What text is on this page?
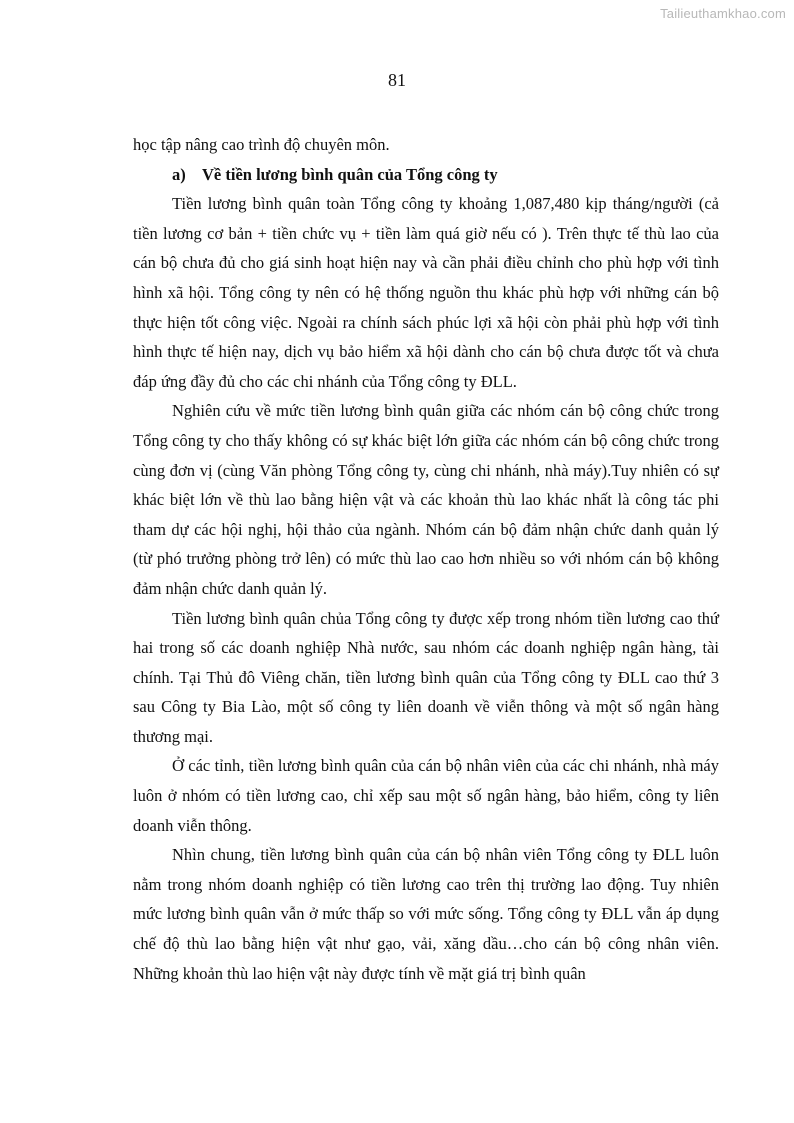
Tailieuthamkhao.com
81

học tập nâng cao trình độ chuyên môn.

a) Về tiền lương bình quân của Tổng công ty

Tiền lương bình quân toàn Tổng công ty khoảng 1,087,480 kịp tháng/người (cả tiền lương cơ bản + tiền chức vụ + tiền làm quá giờ nếu có ). Trên thực tế thù lao của cán bộ chưa đủ cho giá sinh hoạt hiện nay và cần phải điều chỉnh cho phù hợp với tình hình xã hội. Tổng công ty nên có hệ thống nguồn thu khác phù hợp với những cán bộ thực hiện tốt công việc. Ngoài ra chính sách phúc lợi xã hội còn phải phù hợp với tình hình thực tế hiện nay, dịch vụ bảo hiểm xã hội dành cho cán bộ chưa được tốt và chưa đáp ứng đầy đủ cho các chi nhánh của Tổng công ty ĐLL.

Nghiên cứu về mức tiền lương bình quân giữa các nhóm cán bộ công chức trong Tổng công ty cho thấy không có sự khác biệt lớn giữa các nhóm cán bộ công chức trong cùng đơn vị (cùng Văn phòng Tổng công ty, cùng chi nhánh, nhà máy).Tuy nhiên có sự khác biệt lớn về thù lao bằng hiện vật và các khoản thù lao khác nhất là công tác phi tham dự các hội nghị, hội thảo của ngành. Nhóm cán bộ đảm nhận chức danh quản lý (từ phó trưởng phòng trở lên) có mức thù lao cao hơn nhiều so với nhóm cán bộ không đảm nhận chức danh quản lý.

Tiền lương bình quân chủa Tổng công ty được xếp trong nhóm tiền lương cao thứ hai trong số các doanh nghiệp Nhà nước, sau nhóm các doanh nghiệp ngân hàng, tài chính. Tại Thủ đô Viêng chăn, tiền lương bình quân của Tổng công ty ĐLL cao thứ 3 sau Công ty Bia Lào, một số công ty liên doanh về viễn thông và một số ngân hàng thương mại.

Ở các tỉnh, tiền lương bình quân của cán bộ nhân viên của các chi nhánh, nhà máy luôn ở nhóm có tiền lương cao, chỉ xếp sau một số ngân hàng, bảo hiểm, công ty liên doanh viễn thông.

Nhìn chung, tiền lương bình quân của cán bộ nhân viên Tổng công ty ĐLL luôn nằm trong nhóm doanh nghiệp có tiền lương cao trên thị trường lao động. Tuy nhiên mức lương bình quân vẫn ở mức thấp so với mức sống. Tổng công ty ĐLL vẫn áp dụng chế độ thù lao bằng hiện vật như gạo, vải, xăng dầu…cho cán bộ công nhân viên. Những khoản thù lao hiện vật này được tính về mặt giá trị bình quân
